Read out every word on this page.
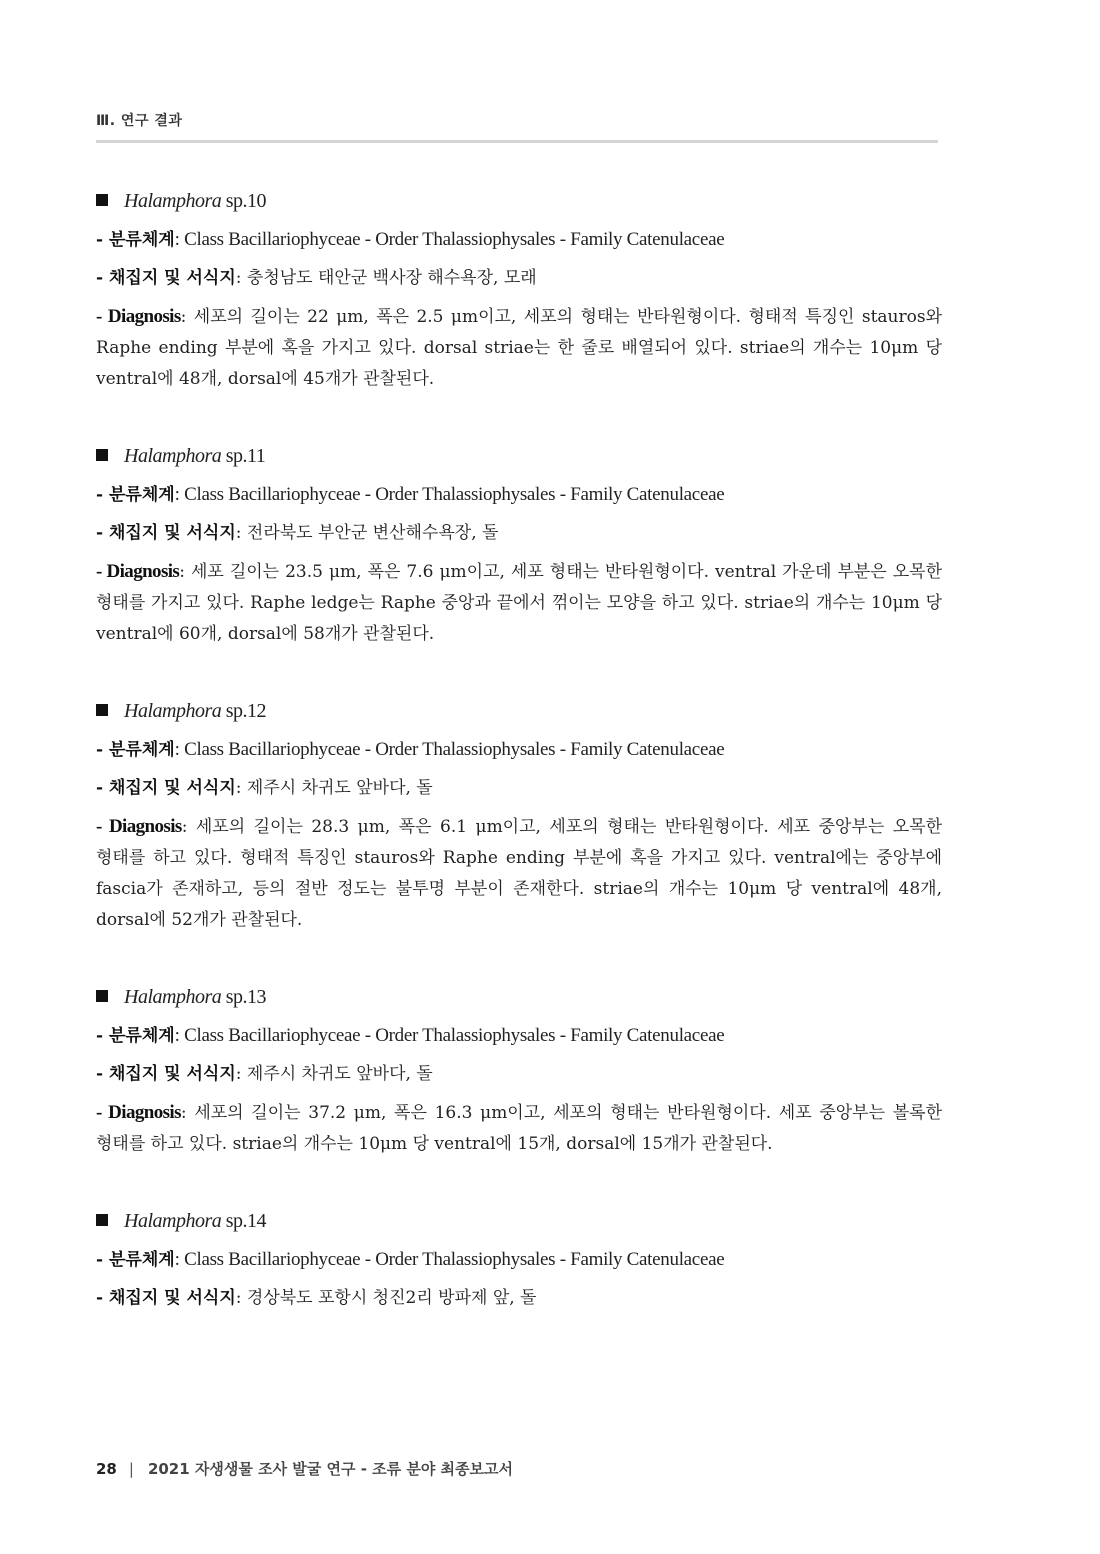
Ⅲ. 연구 결과
Halamphora sp.10
- 분류체계: Class Bacillariophyceae - Order Thalassiophysales - Family Catenulaceae
- 채집지 및 서식지: 충청남도 태안군 백사장 해수욕장, 모래
- Diagnosis: 세포의 길이는 22 μm, 폭은 2.5 μm이고, 세포의 형태는 반타원형이다. 형태적 특징인 stauros와 Raphe ending 부분에 혹을 가지고 있다. dorsal striae는 한 줄로 배열되어 있다. striae의 개수는 10μm 당 ventral에 48개, dorsal에 45개가 관찰된다.
Halamphora sp.11
- 분류체계: Class Bacillariophyceae - Order Thalassiophysales - Family Catenulaceae
- 채집지 및 서식지: 전라북도 부안군 변산해수욕장, 돌
- Diagnosis: 세포 길이는 23.5 μm, 폭은 7.6 μm이고, 세포 형태는 반타원형이다. ventral 가운데 부분은 오목한 형태를 가지고 있다. Raphe ledge는 Raphe 중앙과 끝에서 꺾이는 모양을 하고 있다. striae의 개수는 10μm 당 ventral에 60개, dorsal에 58개가 관찰된다.
Halamphora sp.12
- 분류체계: Class Bacillariophyceae - Order Thalassiophysales - Family Catenulaceae
- 채집지 및 서식지: 제주시 차귀도 앞바다, 돌
- Diagnosis: 세포의 길이는 28.3 μm, 폭은 6.1 μm이고, 세포의 형태는 반타원형이다. 세포 중앙부는 오목한 형태를 하고 있다. 형태적 특징인 stauros와 Raphe ending 부분에 혹을 가지고 있다. ventral에는 중앙부에 fascia가 존재하고, 등의 절반 정도는 불투명 부분이 존재한다. striae의 개수는 10μm 당 ventral에 48개, dorsal에 52개가 관찰된다.
Halamphora sp.13
- 분류체계: Class Bacillariophyceae - Order Thalassiophysales - Family Catenulaceae
- 채집지 및 서식지: 제주시 차귀도 앞바다, 돌
- Diagnosis: 세포의 길이는 37.2 μm, 폭은 16.3 μm이고, 세포의 형태는 반타원형이다. 세포 중앙부는 볼록한 형태를 하고 있다. striae의 개수는 10μm 당 ventral에 15개, dorsal에 15개가 관찰된다.
Halamphora sp.14
- 분류체계: Class Bacillariophyceae - Order Thalassiophysales - Family Catenulaceae
- 채집지 및 서식지: 경상북도 포항시 청진2리 방파제 앞, 돌
28 | 2021 자생생물 조사 발굴 연구 - 조류 분야 최종보고서
